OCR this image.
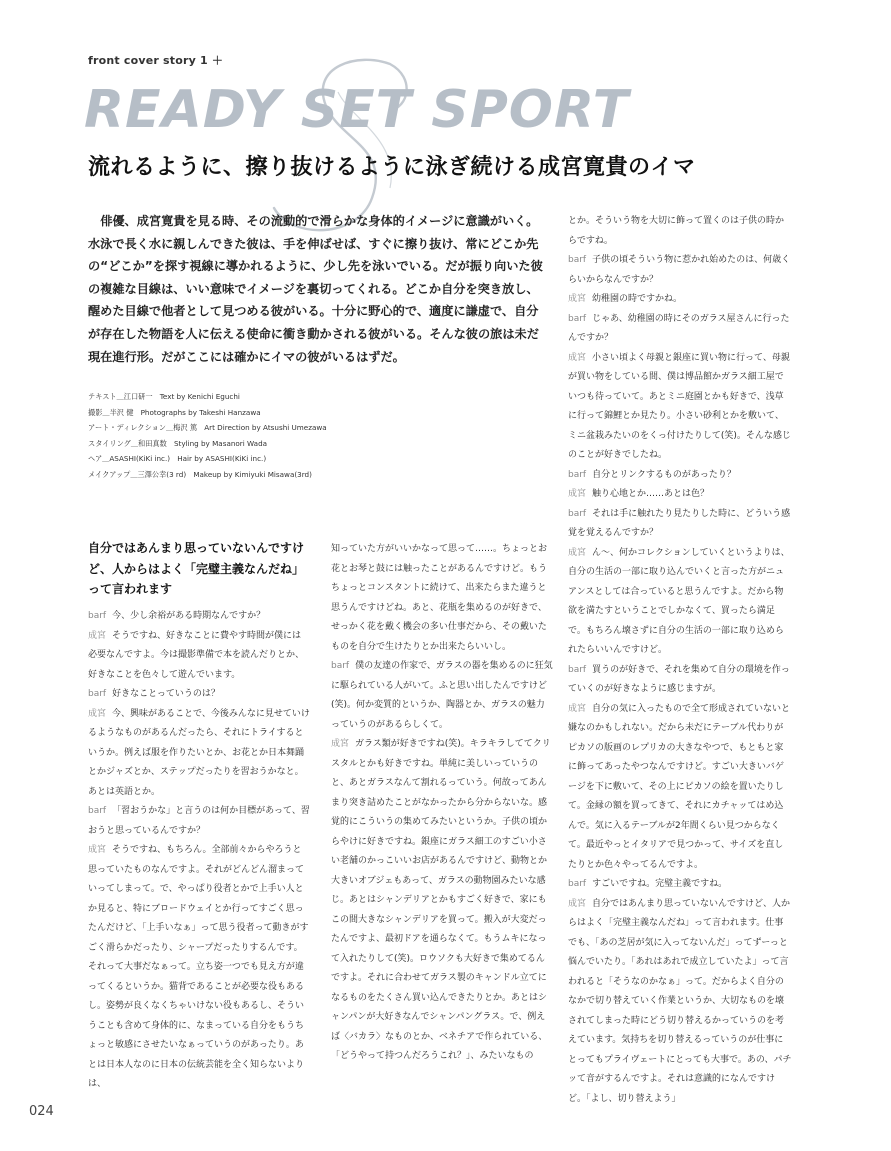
front cover story 1 ＋
READY SET SPORT
流れるように、擦り抜けるように泳ぎ続ける成宮寛貴のイマ

俳優、成宮寛貴を見る時、その流動的で滑らかな身体的イメージに意識がいく。水泳で長く水に親しんできた彼は、手を伸ばせば、すぐに擦り抜け、常にどこか先の“どこか”を探す視線に導かれるように、少し先を泳いでいる。だが振り向いた彼の複雑な目線は、いい意味でイメージを裏切ってくれる。どこか自分を突き放し、醒めた目線で他者として見つめる彼がいる。十分に野心的で、適度に謙虚で、自分が存在した物語を人に伝える使命に衝き動かされる彼がいる。そんな彼の旅は未だ現在進行形。だがここには確かにイマの彼がいるはずだ。

テキスト＿江口研一　Text by Kenichi Eguchi
撮影＿半沢 健　Photographs by Takeshi Hanzawa
アート・ディレクション＿梅沢 篤　Art Direction by Atsushi Umezawa
スタイリング＿和田真数　Styling by Masanori Wada
ヘア＿ASASHI(KiKi inc.)　Hair by ASASHI(KiKi inc.)
メイクアップ＿三澤公幸(3 rd)　Makeup by Kimiyuki Misawa(3rd)
自分ではあんまり思っていないんですけど、人からはよく「完璧主義なんだね」って言われます
barf 今、少し余裕がある時期なんですか？
成宮 そうですね、好きなことに費やす時間が僕には必要なんですよ。今は撮影準備で本を読んだりとか、好きなことを色々して遊んでいます。
barf 好きなことっていうのは？
成宮 今、興味があることで、今後みんなに見せていけるようなものがあるんだったら、それにトライするというか。例えば服を作りたいとか、お花とか日本舞踊とかジャズとか、ステップだったりを習おうかなと。あとは英語とか。
barf 「習おうかな」と言うのは何か目標があって、習おうと思っているんですか？
成宮 そうですね、もちろん。全部前々からやろうと思っていたものなんですよ。それがどんどん溜まっていってしまって。で、やっぱり役者とかで上手い人とか見ると、特にブロードウェイとか行ってすごく思ったんだけど、「上手いなぁ」って思う役者って動きがすごく滑らかだったり、シャープだったりするんです。それって大事だなぁって。立ち姿一つでも見え方が違ってくるというか。猫背であることが必要な役もあるし。姿勢が良くなくちゃいけない役もあるし、そういうことも含めて身体的に、なまっている自分をもうちょっと敏感にさせたいなぁっていうのがあったり。あとは日本人なのに日本の伝統芸能を全く知らないよりは、
知っていた方がいいかなって思って……。ちょっとお花とお琴と鼓には触ったことがあるんですけど。もうちょっとコンスタントに続けて、出来たらまた違うと思うんですけどね。あと、花瓶を集めるのが好きで、せっかく花を戴く機会の多い仕事だから、その戴いたものを自分で生けたりとか出来たらいいし。
barf 僕の友達の作家で、ガラスの器を集めるのに狂気に駆られている人がいて。ふと思い出したんですけど(笑)。何か変質的というか、陶器とか、ガラスの魅力っていうのがあるらしくて。
成宮 ガラス類が好きですね(笑)。キラキラしててクリスタルとかも好きですね。単純に美しいっていうのと、あとガラスなんて割れるっていう。何故ってあんまり突き詰めたことがなかったから分からないな。感覚的にこういうの集めてみたいというか。子供の頃からやけに好きですね。銀座にガラス細工のすごい小さい老舗のかっこいいお店があるんですけど、動物とか大きいオブジェもあって、ガラスの動物園みたいな感じ。あとはシャンデリアとかもすごく好きで、家にもこの間大きなシャンデリアを買って。搬入が大変だったんですよ、最初ドアを通らなくて。もうムキになって入れたりして(笑)。ロウソクも大好きで集めてるんですよ。それに合わせてガラス製のキャンドル立てになるものをたくさん買い込んできたりとか。あとはシャンパンが大好きなんでシャンパングラス。で、例えば〈バカラ〉なものとか、ベネチアで作られている、「どうやって持つんだろうこれ？」、みたいなもの
とか。そういう物を大切に飾って置くのは子供の時からですね。
barf 子供の頃そういう物に惹かれ始めたのは、何歳くらいからなんですか？
成宮 幼稚園の時ですかね。
barf じゃあ、幼稚園の時にそのガラス屋さんに行ったんですか？
成宮 小さい頃よく母親と銀座に買い物に行って、母親が買い物をしている間、僕は博品館かガラス細工屋でいつも待っていて。あとミニ庭園とかも好きで、浅草に行って錦鯉とか見たり。小さい砂利とかを敷いて、ミニ盆栽みたいのをくっ付けたりして(笑)。そんな感じのことが好きでしたね。
barf 自分とリンクするものがあったり？
成宮 触り心地とか……あとは色？
barf それは手に触れたり見たりした時に、どういう感覚を覚えるんですか？
成宮 ん～、何かコレクションしていくというよりは、自分の生活の一部に取り込んでいくと言った方がニュアンスとしては合っていると思うんですよ。だから物欲を満たすということでしかなくて、買ったら満足で。もちろん壊さずに自分の生活の一部に取り込められたらいいんですけど。
barf 買うのが好きで、それを集めて自分の環境を作っていくのが好きなように感じますが。
成宮 自分の気に入ったもので全て形成されていないと嫌なのかもしれない。だから未だにテーブル代わりがピカソの版画のレプリカの大きなやつで、もともと家に飾ってあったやつなんですけど。すごい大きいバゲージを下に敷いて、その上にピカソの絵を置いたりして。金縁の額を買ってきて、それにカチャッてはめ込んで。気に入るテーブルが2年間くらい見つからなくて。最近やっとイタリアで見つかって、サイズを直したりとか色々やってるんですよ。
barf すごいですね。完璧主義ですね。
成宮 自分ではあんまり思っていないんですけど、人からはよく「完璧主義なんだね」って言われます。仕事でも、「あの芝居が気に入ってないんだ」ってずーっと悩んでいたり。「あれはあれで成立していたよ」って言われると「そうなのかなぁ」って。だからよく自分のなかで切り替えていく作業というか、大切なものを壊されてしまった時にどう切り替えるかっていうのを考えています。気持ちを切り替えるっていうのが仕事にとってもプライヴェートにとっても大事で。あの、パチッて音がするんですよ。それは意識的になんですけど。「よし、切り替えよう」
024
